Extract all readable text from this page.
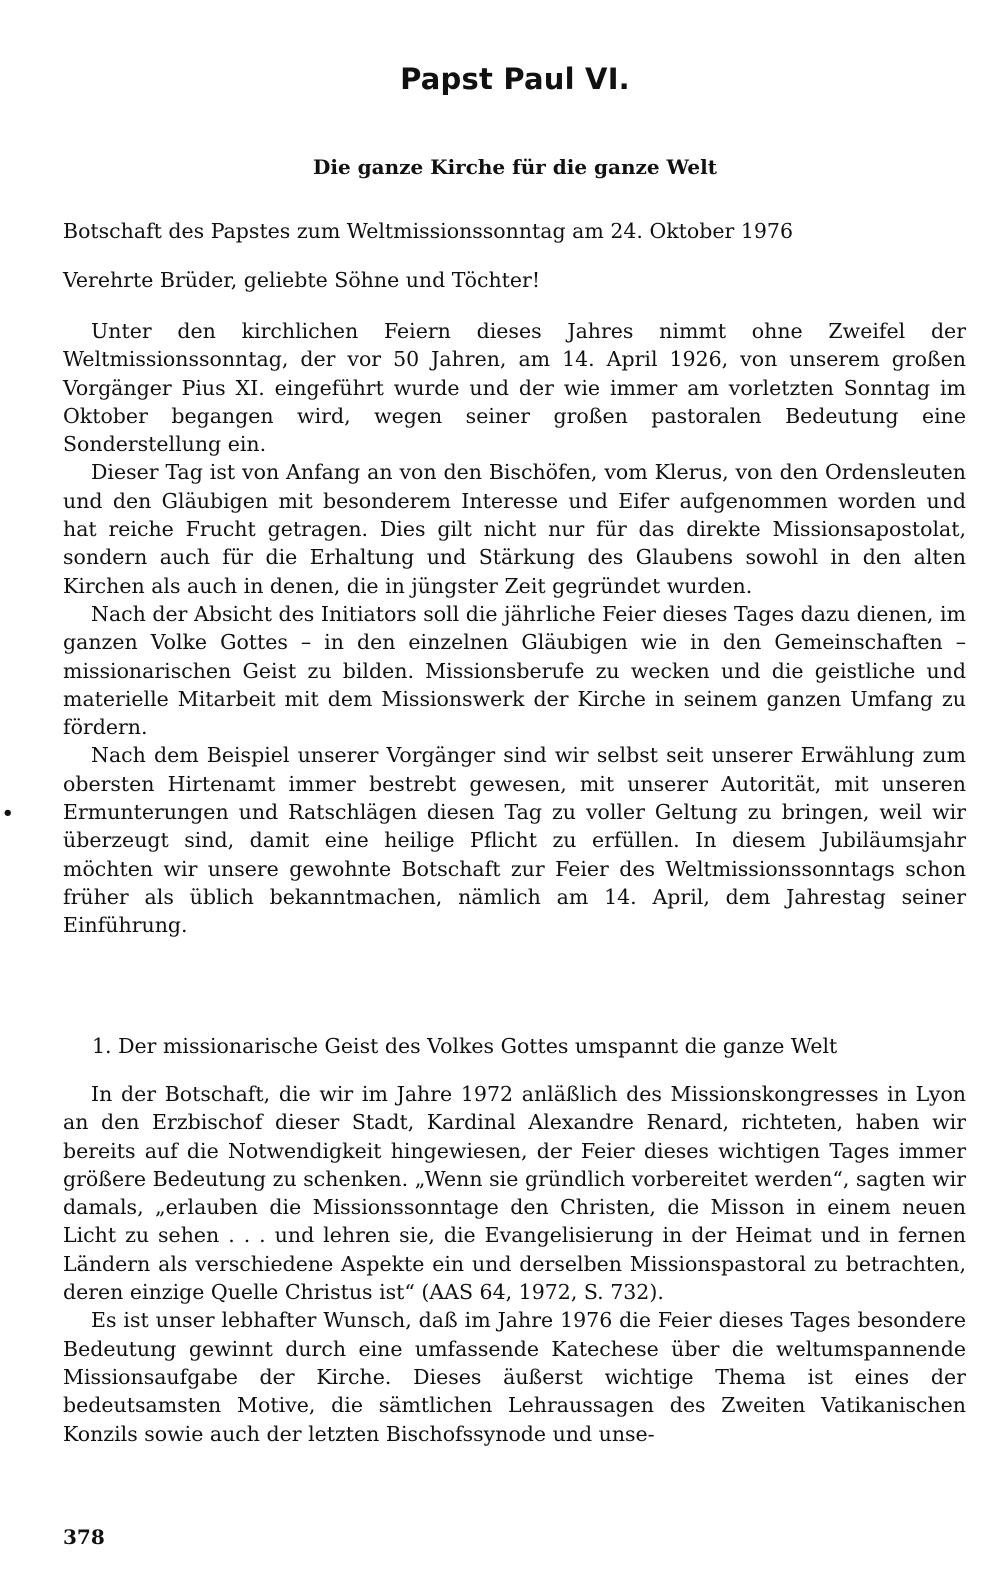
Papst Paul VI.
Die ganze Kirche für die ganze Welt

Botschaft des Papstes zum Weltmissionssonntag am 24. Oktober 1976

Verehrte Brüder, geliebte Söhne und Töchter!

Unter den kirchlichen Feiern dieses Jahres nimmt ohne Zweifel der Weltmissionssonntag, der vor 50 Jahren, am 14. April 1926, von unserem großen Vorgänger Pius XI. eingeführt wurde und der wie immer am vorletzten Sonntag im Oktober begangen wird, wegen seiner großen pastoralen Bedeutung eine Sonderstellung ein.

Dieser Tag ist von Anfang an von den Bischöfen, vom Klerus, von den Ordensleuten und den Gläubigen mit besonderem Interesse und Eifer aufgenommen worden und hat reiche Frucht getragen. Dies gilt nicht nur für das direkte Missionsapostolat, sondern auch für die Erhaltung und Stärkung des Glaubens sowohl in den alten Kirchen als auch in denen, die in jüngster Zeit gegründet wurden.

Nach der Absicht des Initiators soll die jährliche Feier dieses Tages dazu dienen, im ganzen Volke Gottes – in den einzelnen Gläubigen wie in den Gemeinschaften – missionarischen Geist zu bilden. Missionsberufe zu wecken und die geistliche und materielle Mitarbeit mit dem Missionswerk der Kirche in seinem ganzen Umfang zu fördern.

Nach dem Beispiel unserer Vorgänger sind wir selbst seit unserer Erwählung zum obersten Hirtenamt immer bestrebt gewesen, mit unserer Autorität, mit unseren Ermunterungen und Ratschlägen diesen Tag zu voller Geltung zu bringen, weil wir überzeugt sind, damit eine heilige Pflicht zu erfüllen. In diesem Jubiläumsjahr möchten wir unsere gewohnte Botschaft zur Feier des Weltmissionssonntags schon früher als üblich bekanntmachen, nämlich am 14. April, dem Jahrestag seiner Einführung.

•
1. Der missionarische Geist des Volkes Gottes umspannt die ganze Welt

In der Botschaft, die wir im Jahre 1972 anläßlich des Missionskongresses in Lyon an den Erzbischof dieser Stadt, Kardinal Alexandre Renard, richteten, haben wir bereits auf die Notwendigkeit hingewiesen, der Feier dieses wichtigen Tages immer größere Bedeutung zu schenken. „Wenn sie gründlich vorbereitet werden“, sagten wir damals, „erlauben die Missionssonntage den Christen, die Misson in einem neuen Licht zu sehen . . . und lehren sie, die Evangelisierung in der Heimat und in fernen Ländern als verschiedene Aspekte ein und derselben Missionspastoral zu betrachten, deren einzige Quelle Christus ist“ (AAS 64, 1972, S. 732).

Es ist unser lebhafter Wunsch, daß im Jahre 1976 die Feier dieses Tages besondere Bedeutung gewinnt durch eine umfassende Katechese über die weltumspannende Missionsaufgabe der Kirche. Dieses äußerst wichtige Thema ist eines der bedeutsamsten Motive, die sämtlichen Lehraussagen des Zweiten Vatikanischen Konzils sowie auch der letzten Bischofssynode und unse-

378
